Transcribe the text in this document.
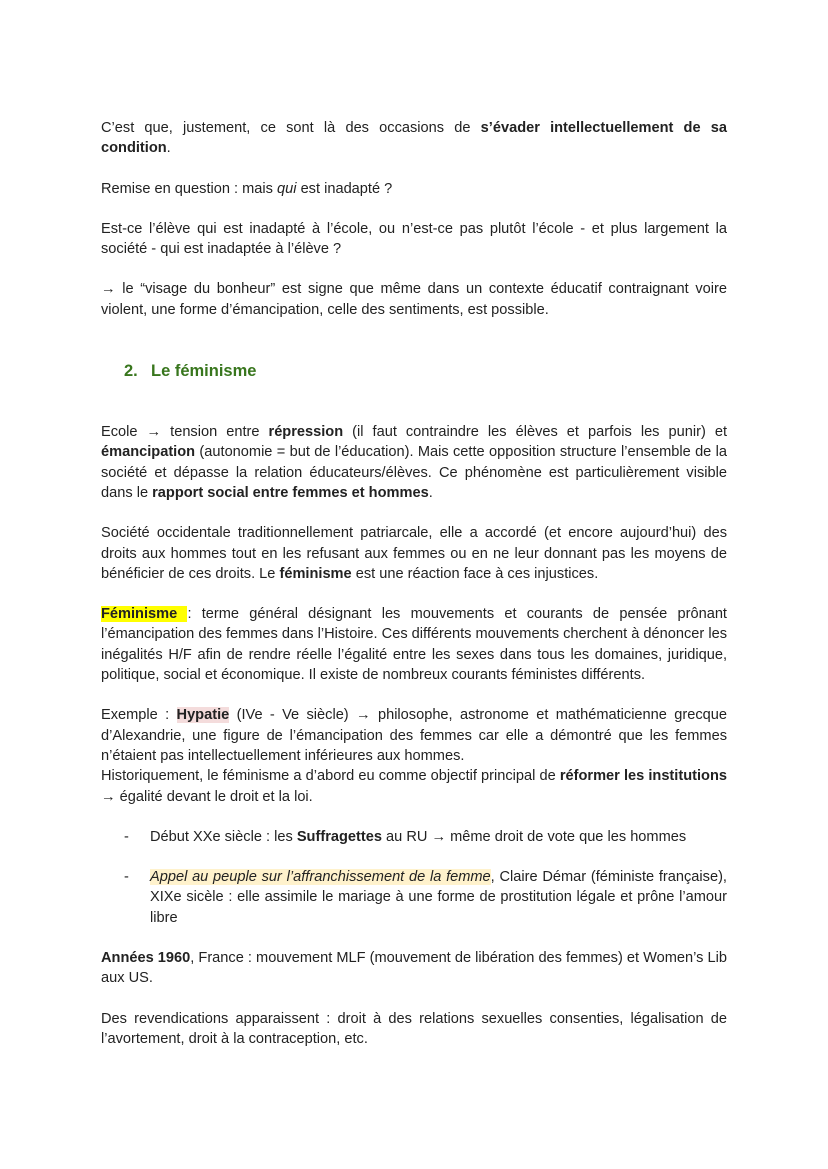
C’est que, justement, ce sont là des occasions de s’évader intellectuellement de sa condition.

Remise en question : mais qui est inadapté ?

Est-ce l’élève qui est inadapté à l’école, ou n’est-ce pas plutôt l’école - et plus largement la société - qui est inadaptée à l’élève ?

→ le “visage du bonheur” est signe que même dans un contexte éducatif contraignant voire violent, une forme d’émancipation, celle des sentiments, est possible.

2. Le féminisme

Ecole → tension entre répression (il faut contraindre les élèves et parfois les punir) et émancipation (autonomie = but de l’éducation). Mais cette opposition structure l’ensemble de la société et dépasse la relation éducateurs/élèves. Ce phénomène est particulièrement visible dans le rapport social entre femmes et hommes.

Société occidentale traditionnellement patriarcale, elle a accordé (et encore aujourd’hui) des droits aux hommes tout en les refusant aux femmes ou en ne leur donnant pas les moyens de bénéficier de ces droits. Le féminisme est une réaction face à ces injustices.

Féminisme : terme général désignant les mouvements et courants de pensée prônant l’émancipation des femmes dans l’Histoire. Ces différents mouvements cherchent à dénoncer les inégalités H/F afin de rendre réelle l’égalité entre les sexes dans tous les domaines, juridique, politique, social et économique. Il existe de nombreux courants féministes différents.

Exemple : Hypatie (IVe - Ve siècle) → philosophe, astronome et mathématicienne grecque d’Alexandrie, une figure de l’émancipation des femmes car elle a démontré que les femmes n’étaient pas intellectuellement inférieures aux hommes.

Historiquement, le féminisme a d’abord eu comme objectif principal de réformer les institutions → égalité devant le droit et la loi.

- Début XXe siècle : les Suffragettes au RU → même droit de vote que les hommes
- Appel au peuple sur l’affranchissement de la femme, Claire Démar (féministe française), XIXe sicèle : elle assimile le mariage à une forme de prostitution légale et prône l’amour libre

Années 1960, France : mouvement MLF (mouvement de libération des femmes) et Women’s Lib aux US.

Des revendications apparaissent : droit à des relations sexuelles consenties, légalisation de l’avortement, droit à la contraception, etc.
